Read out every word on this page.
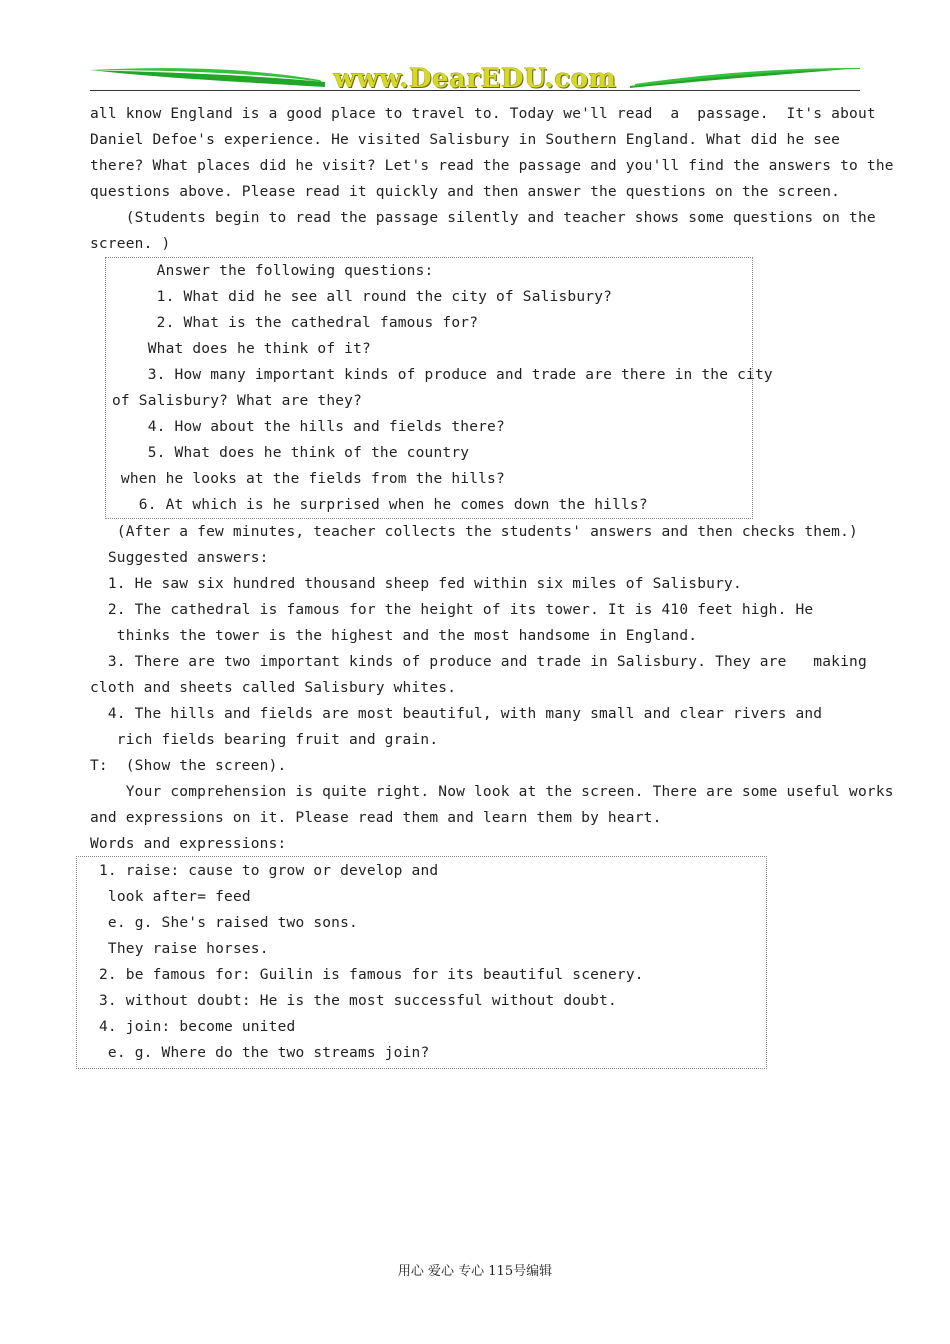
www.DearEDU.com
all know England is a good place to travel to. Today we'll read  a  passage.  It's about
Daniel Defoe's experience. He visited Salisbury in Southern England. What did he see
there? What places did he visit? Let's read the passage and you'll find the answers to the
questions above. Please read it quickly and then answer the questions on the screen.
(Students begin to read the passage silently and teacher shows some questions on the
screen. )
Answer the following questions:
1. What did he see all round the city of Salisbury?
2. What is the cathedral famous for?
What does he think of it?
3. How many important kinds of produce and trade are there in the city
of Salisbury? What are they?
4. How about the hills and fields there?
5. What does he think of the country
when he looks at the fields from the hills?
6. At which is he surprised when he comes down the hills?
(After a few minutes, teacher collects the students' answers and then checks them.)
Suggested answers:
1. He saw six hundred thousand sheep fed within six miles of Salisbury.
2. The cathedral is famous for the height of its tower. It is 410 feet high. He
thinks the tower is the highest and the most handsome in England.
3. There are two important kinds of produce and trade in Salisbury. They are   making
cloth and sheets called Salisbury whites.
4. The hills and fields are most beautiful, with many small and clear rivers and
rich fields bearing fruit and grain.
T:  (Show the screen).
Your comprehension is quite right. Now look at the screen. There are some useful works
and expressions on it. Please read them and learn them by heart.
Words and expressions:
1. raise: cause to grow or develop and
look after= feed
e. g. She's raised two sons.
They raise horses.
2. be famous for: Guilin is famous for its beautiful scenery.
3. without doubt: He is the most successful without doubt.
4. join: become united
e. g. Where do the two streams join?
用心 爱心 专心 115号编辑
